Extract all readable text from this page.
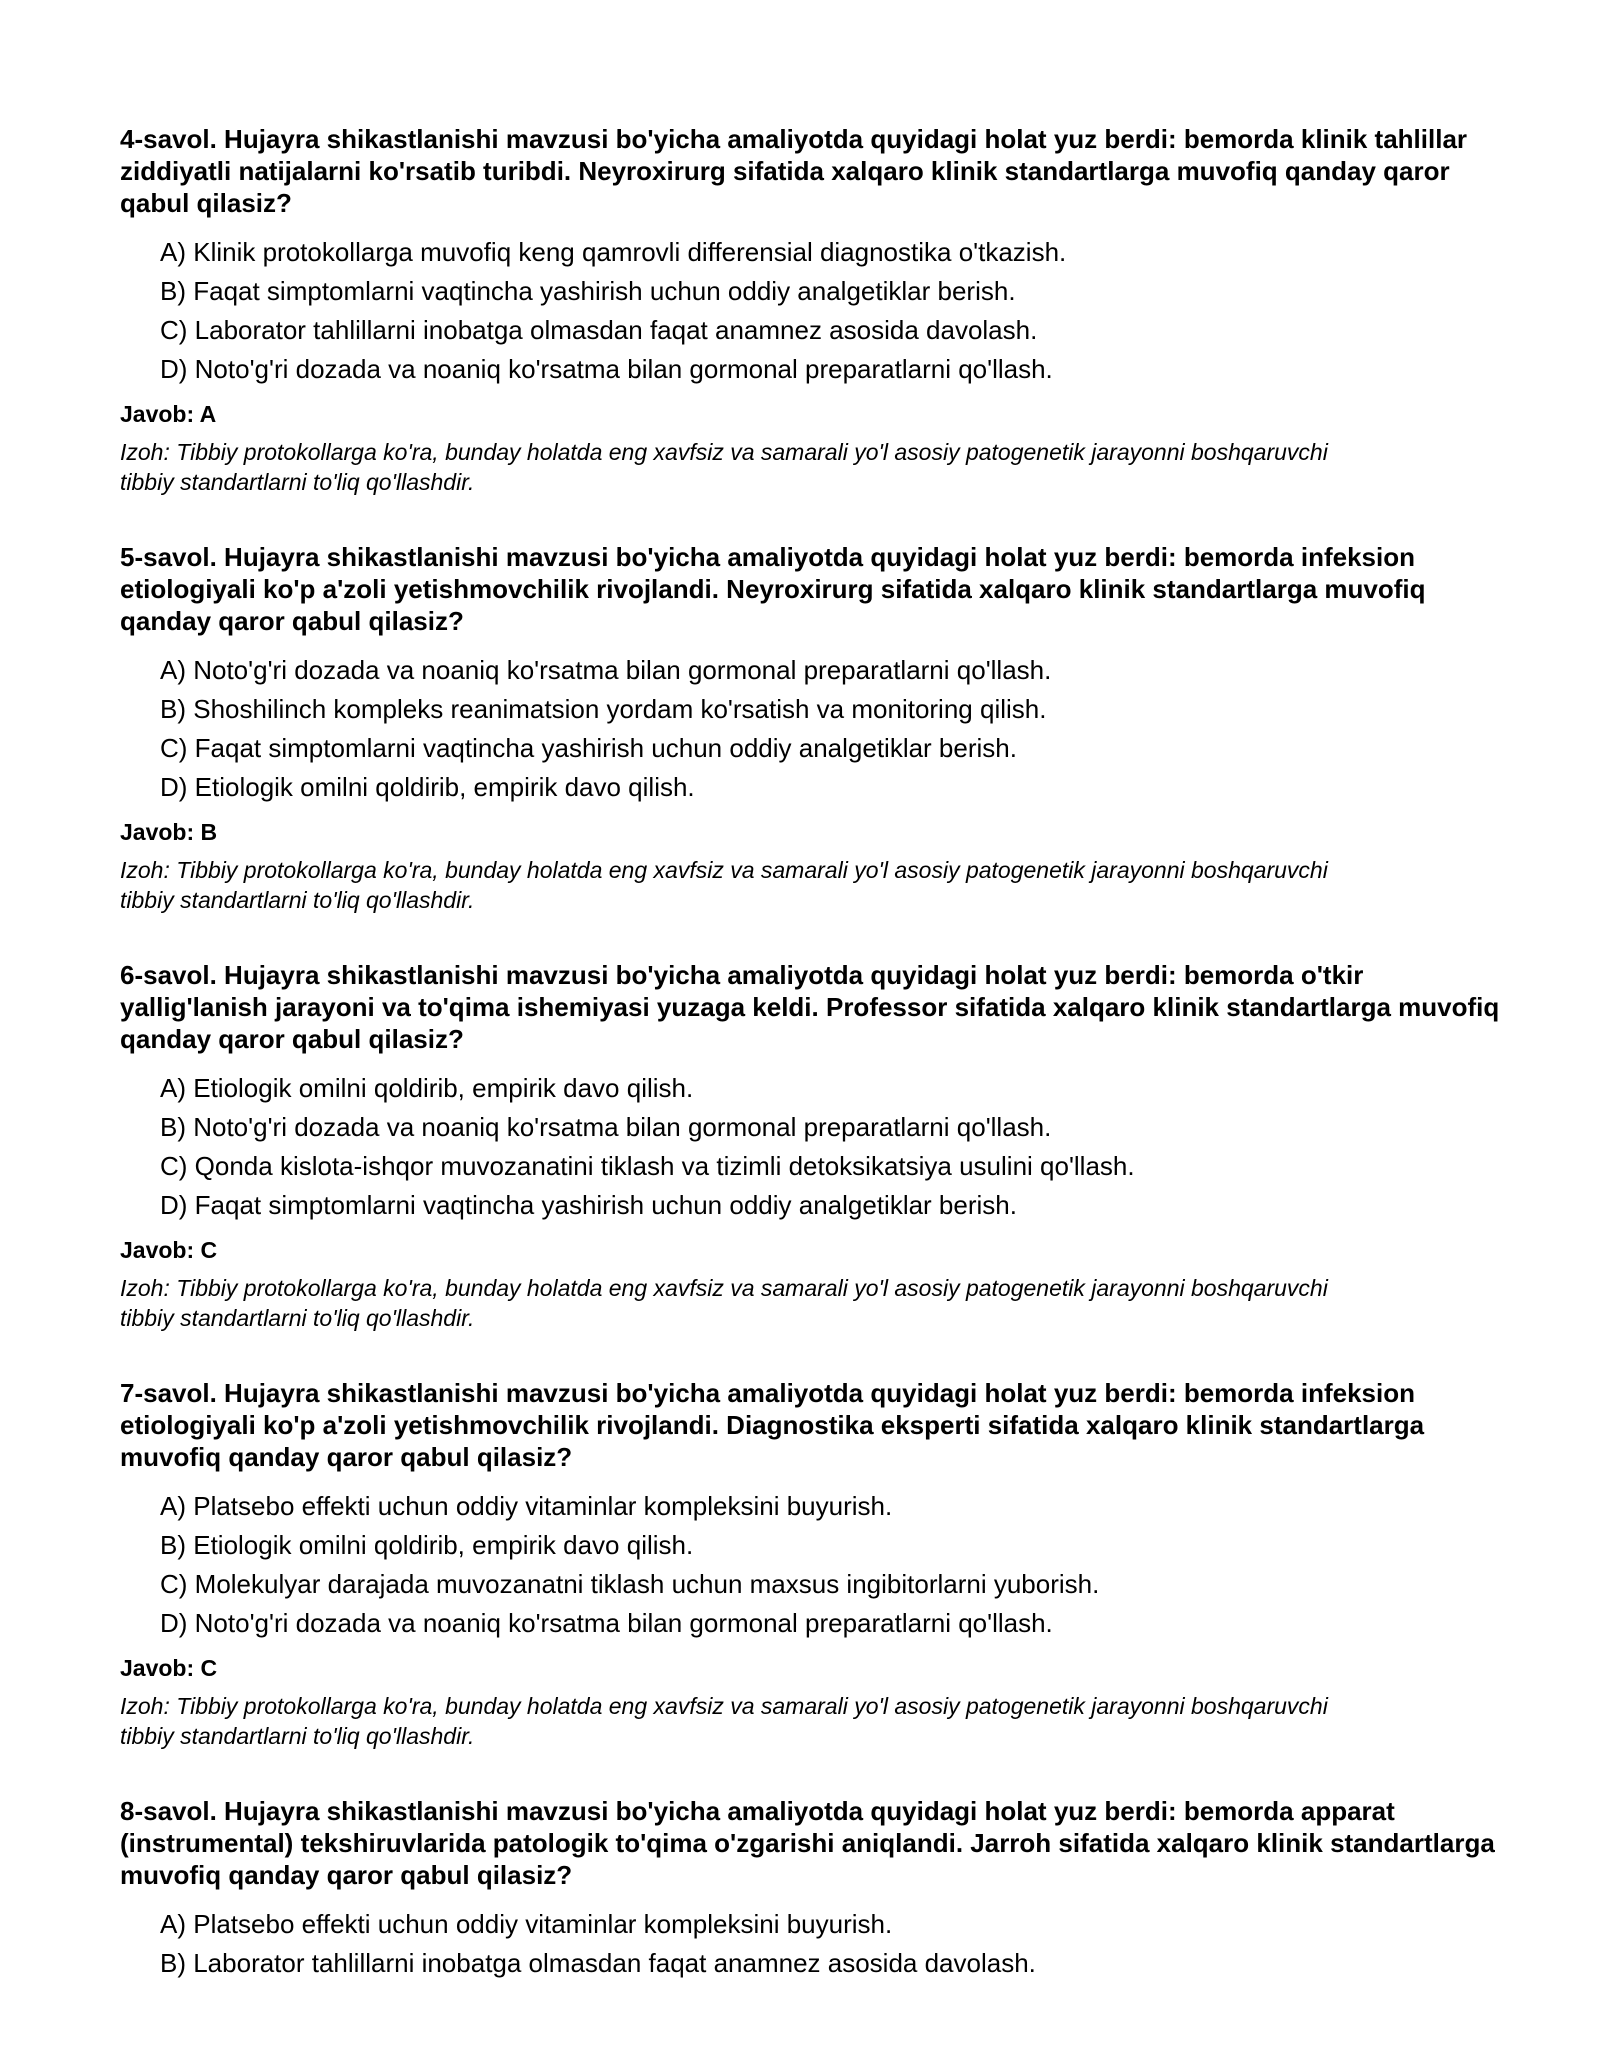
4-savol. Hujayra shikastlanishi mavzusi bo'yicha amaliyotda quyidagi holat yuz berdi: bemorda klinik tahlillar ziddiyatli natijalarni ko'rsatib turibdi. Neyroxirurg sifatida xalqaro klinik standartlarga muvofiq qanday qaror qabul qilasiz?

A) Klinik protokollarga muvofiq keng qamrovli differensial diagnostika o'tkazish.
B) Faqat simptomlarni vaqtincha yashirish uchun oddiy analgetiklar berish.
C) Laborator tahlillarni inobatga olmasdan faqat anamnez asosida davolash.
D) Noto'g'ri dozada va noaniq ko'rsatma bilan gormonal preparatlarni qo'llash.
Javob: A
Izoh: Tibbiy protokollarga ko'ra, bunday holatda eng xavfsiz va samarali yo'l asosiy patogenetik jarayonni boshqaruvchi tibbiy standartlarni to'liq qo'llashdir.

5-savol. Hujayra shikastlanishi mavzusi bo'yicha amaliyotda quyidagi holat yuz berdi: bemorda infeksion etiologiyali ko'p a'zoli yetishmovchilik rivojlandi. Neyroxirurg sifatida xalqaro klinik standartlarga muvofiq qanday qaror qabul qilasiz?

A) Noto'g'ri dozada va noaniq ko'rsatma bilan gormonal preparatlarni qo'llash.
B) Shoshilinch kompleks reanimatsion yordam ko'rsatish va monitoring qilish.
C) Faqat simptomlarni vaqtincha yashirish uchun oddiy analgetiklar berish.
D) Etiologik omilni qoldirib, empirik davo qilish.
Javob: B
Izoh: Tibbiy protokollarga ko'ra, bunday holatda eng xavfsiz va samarali yo'l asosiy patogenetik jarayonni boshqaruvchi tibbiy standartlarni to'liq qo'llashdir.

6-savol. Hujayra shikastlanishi mavzusi bo'yicha amaliyotda quyidagi holat yuz berdi: bemorda o'tkir yallig'lanish jarayoni va to'qima ishemiyasi yuzaga keldi. Professor sifatida xalqaro klinik standartlarga muvofiq qanday qaror qabul qilasiz?

A) Etiologik omilni qoldirib, empirik davo qilish.
B) Noto'g'ri dozada va noaniq ko'rsatma bilan gormonal preparatlarni qo'llash.
C) Qonda kislota-ishqor muvozanatini tiklash va tizimli detoksikatsiya usulini qo'llash.
D) Faqat simptomlarni vaqtincha yashirish uchun oddiy analgetiklar berish.
Javob: C
Izoh: Tibbiy protokollarga ko'ra, bunday holatda eng xavfsiz va samarali yo'l asosiy patogenetik jarayonni boshqaruvchi tibbiy standartlarni to'liq qo'llashdir.

7-savol. Hujayra shikastlanishi mavzusi bo'yicha amaliyotda quyidagi holat yuz berdi: bemorda infeksion etiologiyali ko'p a'zoli yetishmovchilik rivojlandi. Diagnostika eksperti sifatida xalqaro klinik standartlarga muvofiq qanday qaror qabul qilasiz?

A) Platsebo effekti uchun oddiy vitaminlar kompleksini buyurish.
B) Etiologik omilni qoldirib, empirik davo qilish.
C) Molekulyar darajada muvozanatni tiklash uchun maxsus ingibitorlarni yuborish.
D) Noto'g'ri dozada va noaniq ko'rsatma bilan gormonal preparatlarni qo'llash.
Javob: C
Izoh: Tibbiy protokollarga ko'ra, bunday holatda eng xavfsiz va samarali yo'l asosiy patogenetik jarayonni boshqaruvchi tibbiy standartlarni to'liq qo'llashdir.

8-savol. Hujayra shikastlanishi mavzusi bo'yicha amaliyotda quyidagi holat yuz berdi: bemorda apparat (instrumental) tekshiruvlarida patologik to'qima o'zgarishi aniqlandi. Jarroh sifatida xalqaro klinik standartlarga muvofiq qanday qaror qabul qilasiz?

A) Platsebo effekti uchun oddiy vitaminlar kompleksini buyurish.
B) Laborator tahlillarni inobatga olmasdan faqat anamnez asosida davolash.
